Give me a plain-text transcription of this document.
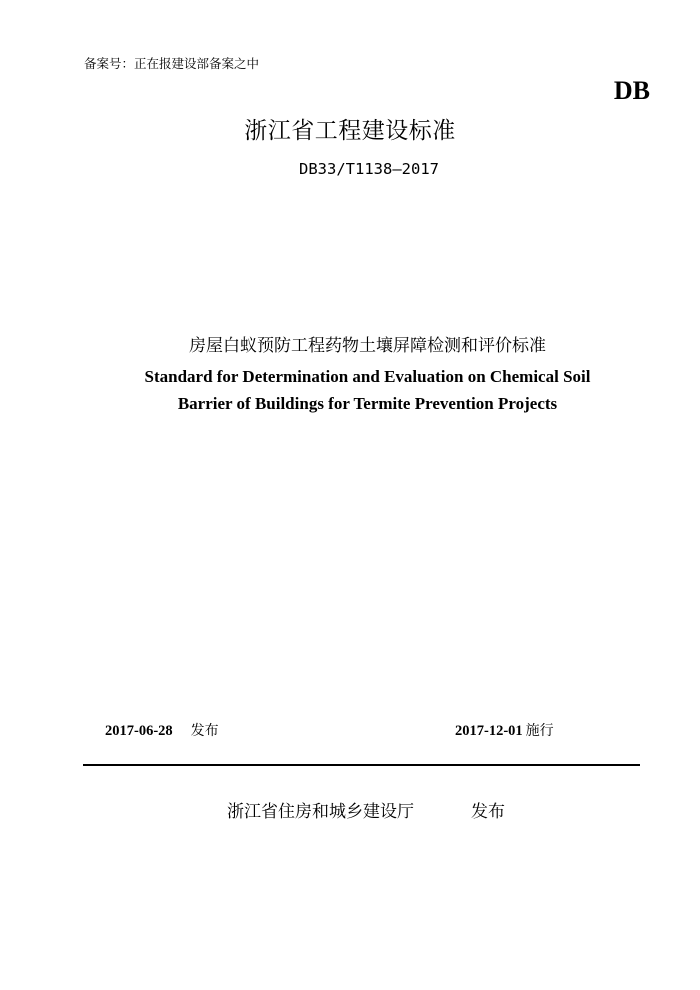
备案号：正在报建设部备案之中
DB
浙江省工程建设标准
DB33/T1138—2017
房屋白蚁预防工程药物土壤屏障检测和评价标准
Standard for Determination and Evaluation on Chemical Soil
Barrier of Buildings for Termite Prevention Projects
2017-06-28 发布	2017-12-01 施行
浙江省住房和城乡建设厅	发布
